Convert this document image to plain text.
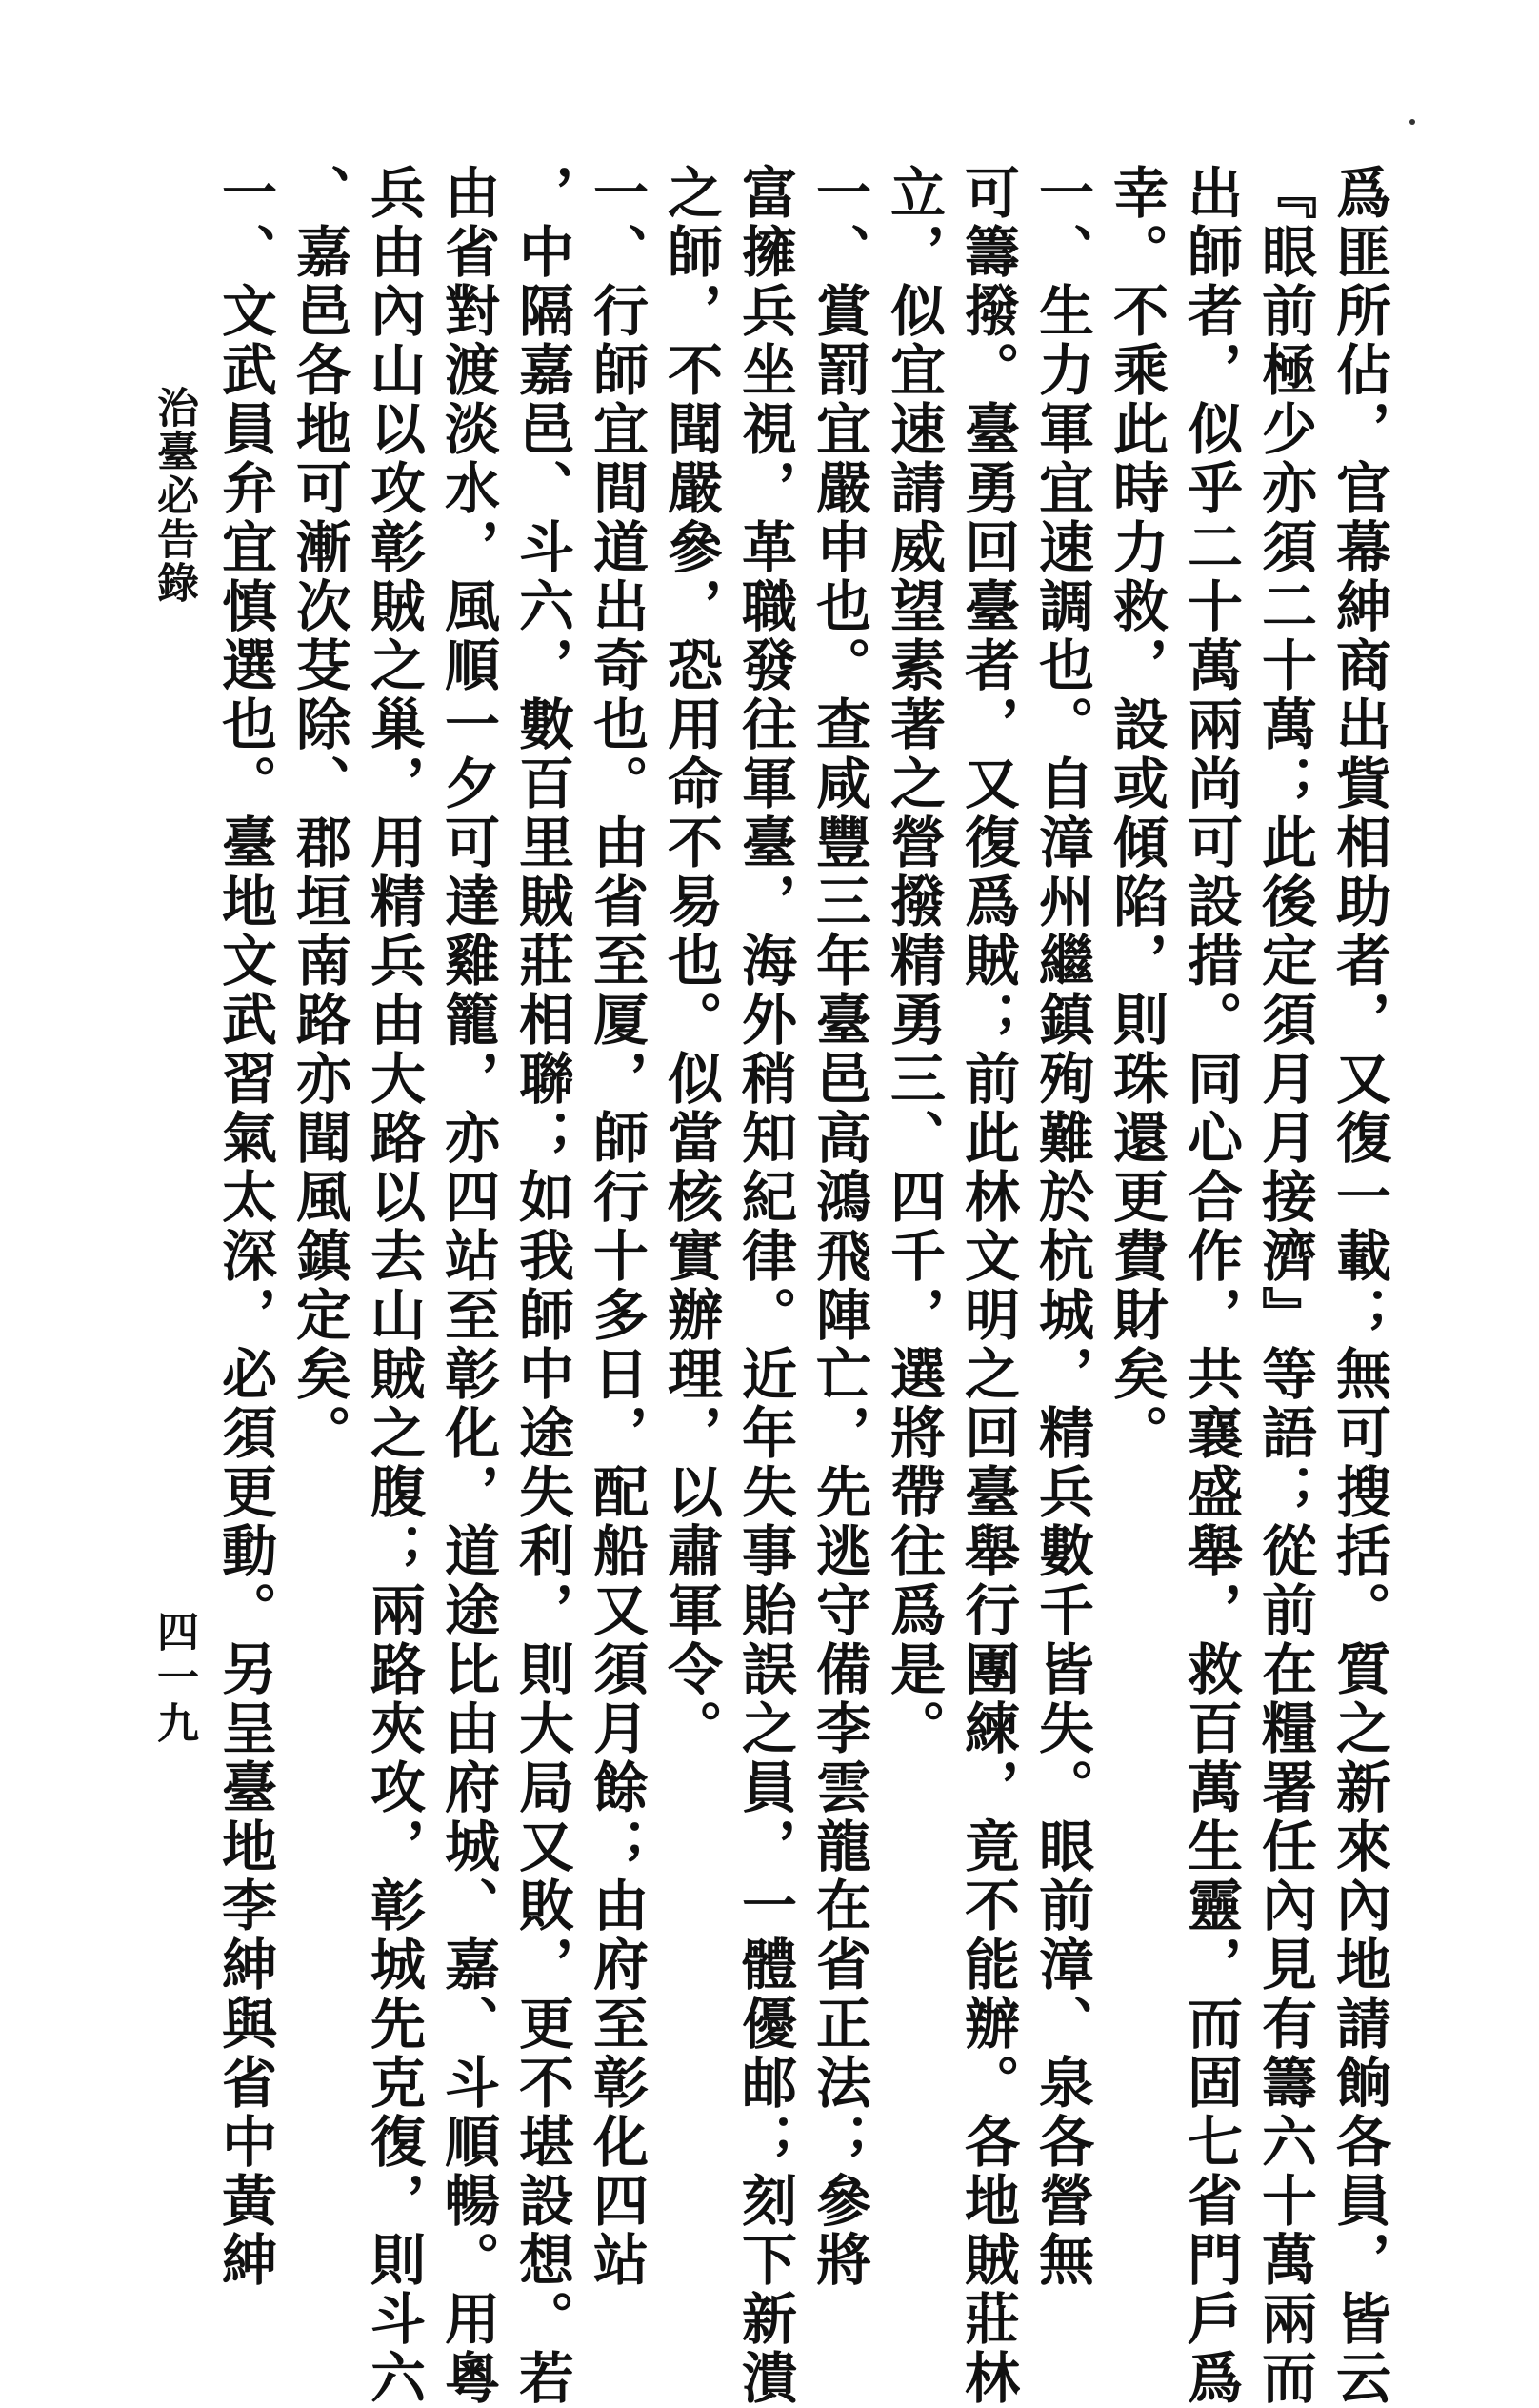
爲匪所佔，官幕紳商出貲相助者，又復一載；無可搜括。質之新來內地請餉各員，皆云
『眼前極少亦須二十萬；此後定須月月接濟』等語；從前在糧署任內見有籌六十萬兩而
出師者，似乎二十萬兩尚可設措。同心合作，共襄盛舉，救百萬生靈，而固七省門戶爲
幸。不乘此時力救，設或傾陷，則珠還更費財矣。
一、生力軍宜速調也。自漳州繼鎮殉難於杭城，精兵數千皆失。眼前漳、泉各營無
可籌撥。臺勇回臺者，又復爲賊；前此林文明之回臺舉行團練，竟不能辦。各地賊莊林
立，似宜速請威望素著之營撥精勇三、四千，選將帶往爲是。
一、賞罰宜嚴申也。查咸豐三年臺邑高鴻飛陣亡，先逃守備李雲龍在省正法；參將
富擁兵坐視，革職發往軍臺，海外稍知紀律。近年失事貽誤之員，一體優邮；刻下新潰
之師，不聞嚴參，恐用命不易也。似當核實辦理，以肅軍令。
一、行師宜間道出奇也。由省至厦，師行十多日，配船又須月餘；由府至彰化四站
，中隔嘉邑、斗六，數百里賊莊相聯；如我師中途失利，則大局又敗，更不堪設想。若
由省對渡淡水，風順一夕可達雞籠，亦四站至彰化，道途比由府城、嘉、斗順暢。用粵
兵由內山以攻彰賊之巢，用精兵由大路以去山賊之腹；兩路夾攻，彰城先克復，則斗六
、嘉邑各地可漸次芟除、郡垣南路亦聞風鎮定矣。
一、文武員弁宜慎選也。臺地文武習氣太深，必須更動。另呈臺地李紳與省中黃紳
治臺必告錄
四一九
